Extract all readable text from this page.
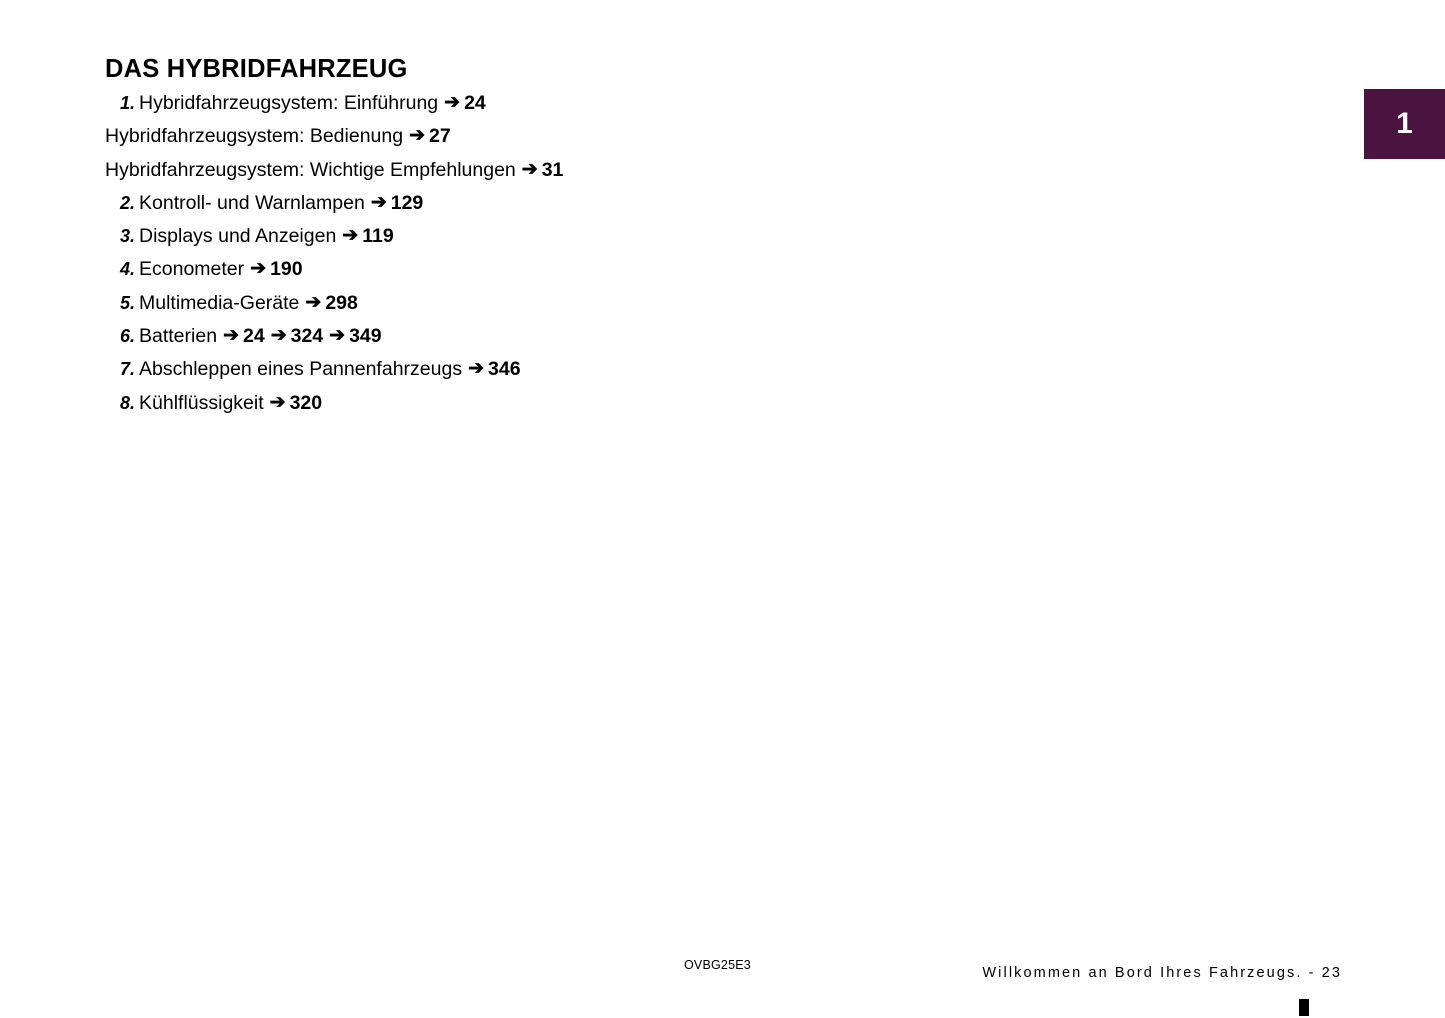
1
DAS HYBRIDFAHRZEUG
1. Hybridfahrzeugsystem: Einführung ➔ 24
Hybridfahrzeugsystem: Bedienung ➔ 27
Hybridfahrzeugsystem: Wichtige Empfehlungen ➔ 31
2. Kontroll- und Warnlampen ➔ 129
3. Displays und Anzeigen ➔ 119
4. Econometer ➔ 190
5. Multimedia-Geräte ➔ 298
6. Batterien ➔ 24 ➔ 324 ➔ 349
7. Abschleppen eines Pannenfahrzeugs ➔ 346
8. Kühlflüssigkeit ➔ 320
OVBG25E3	Willkommen an Bord Ihres Fahrzeugs. - 23
